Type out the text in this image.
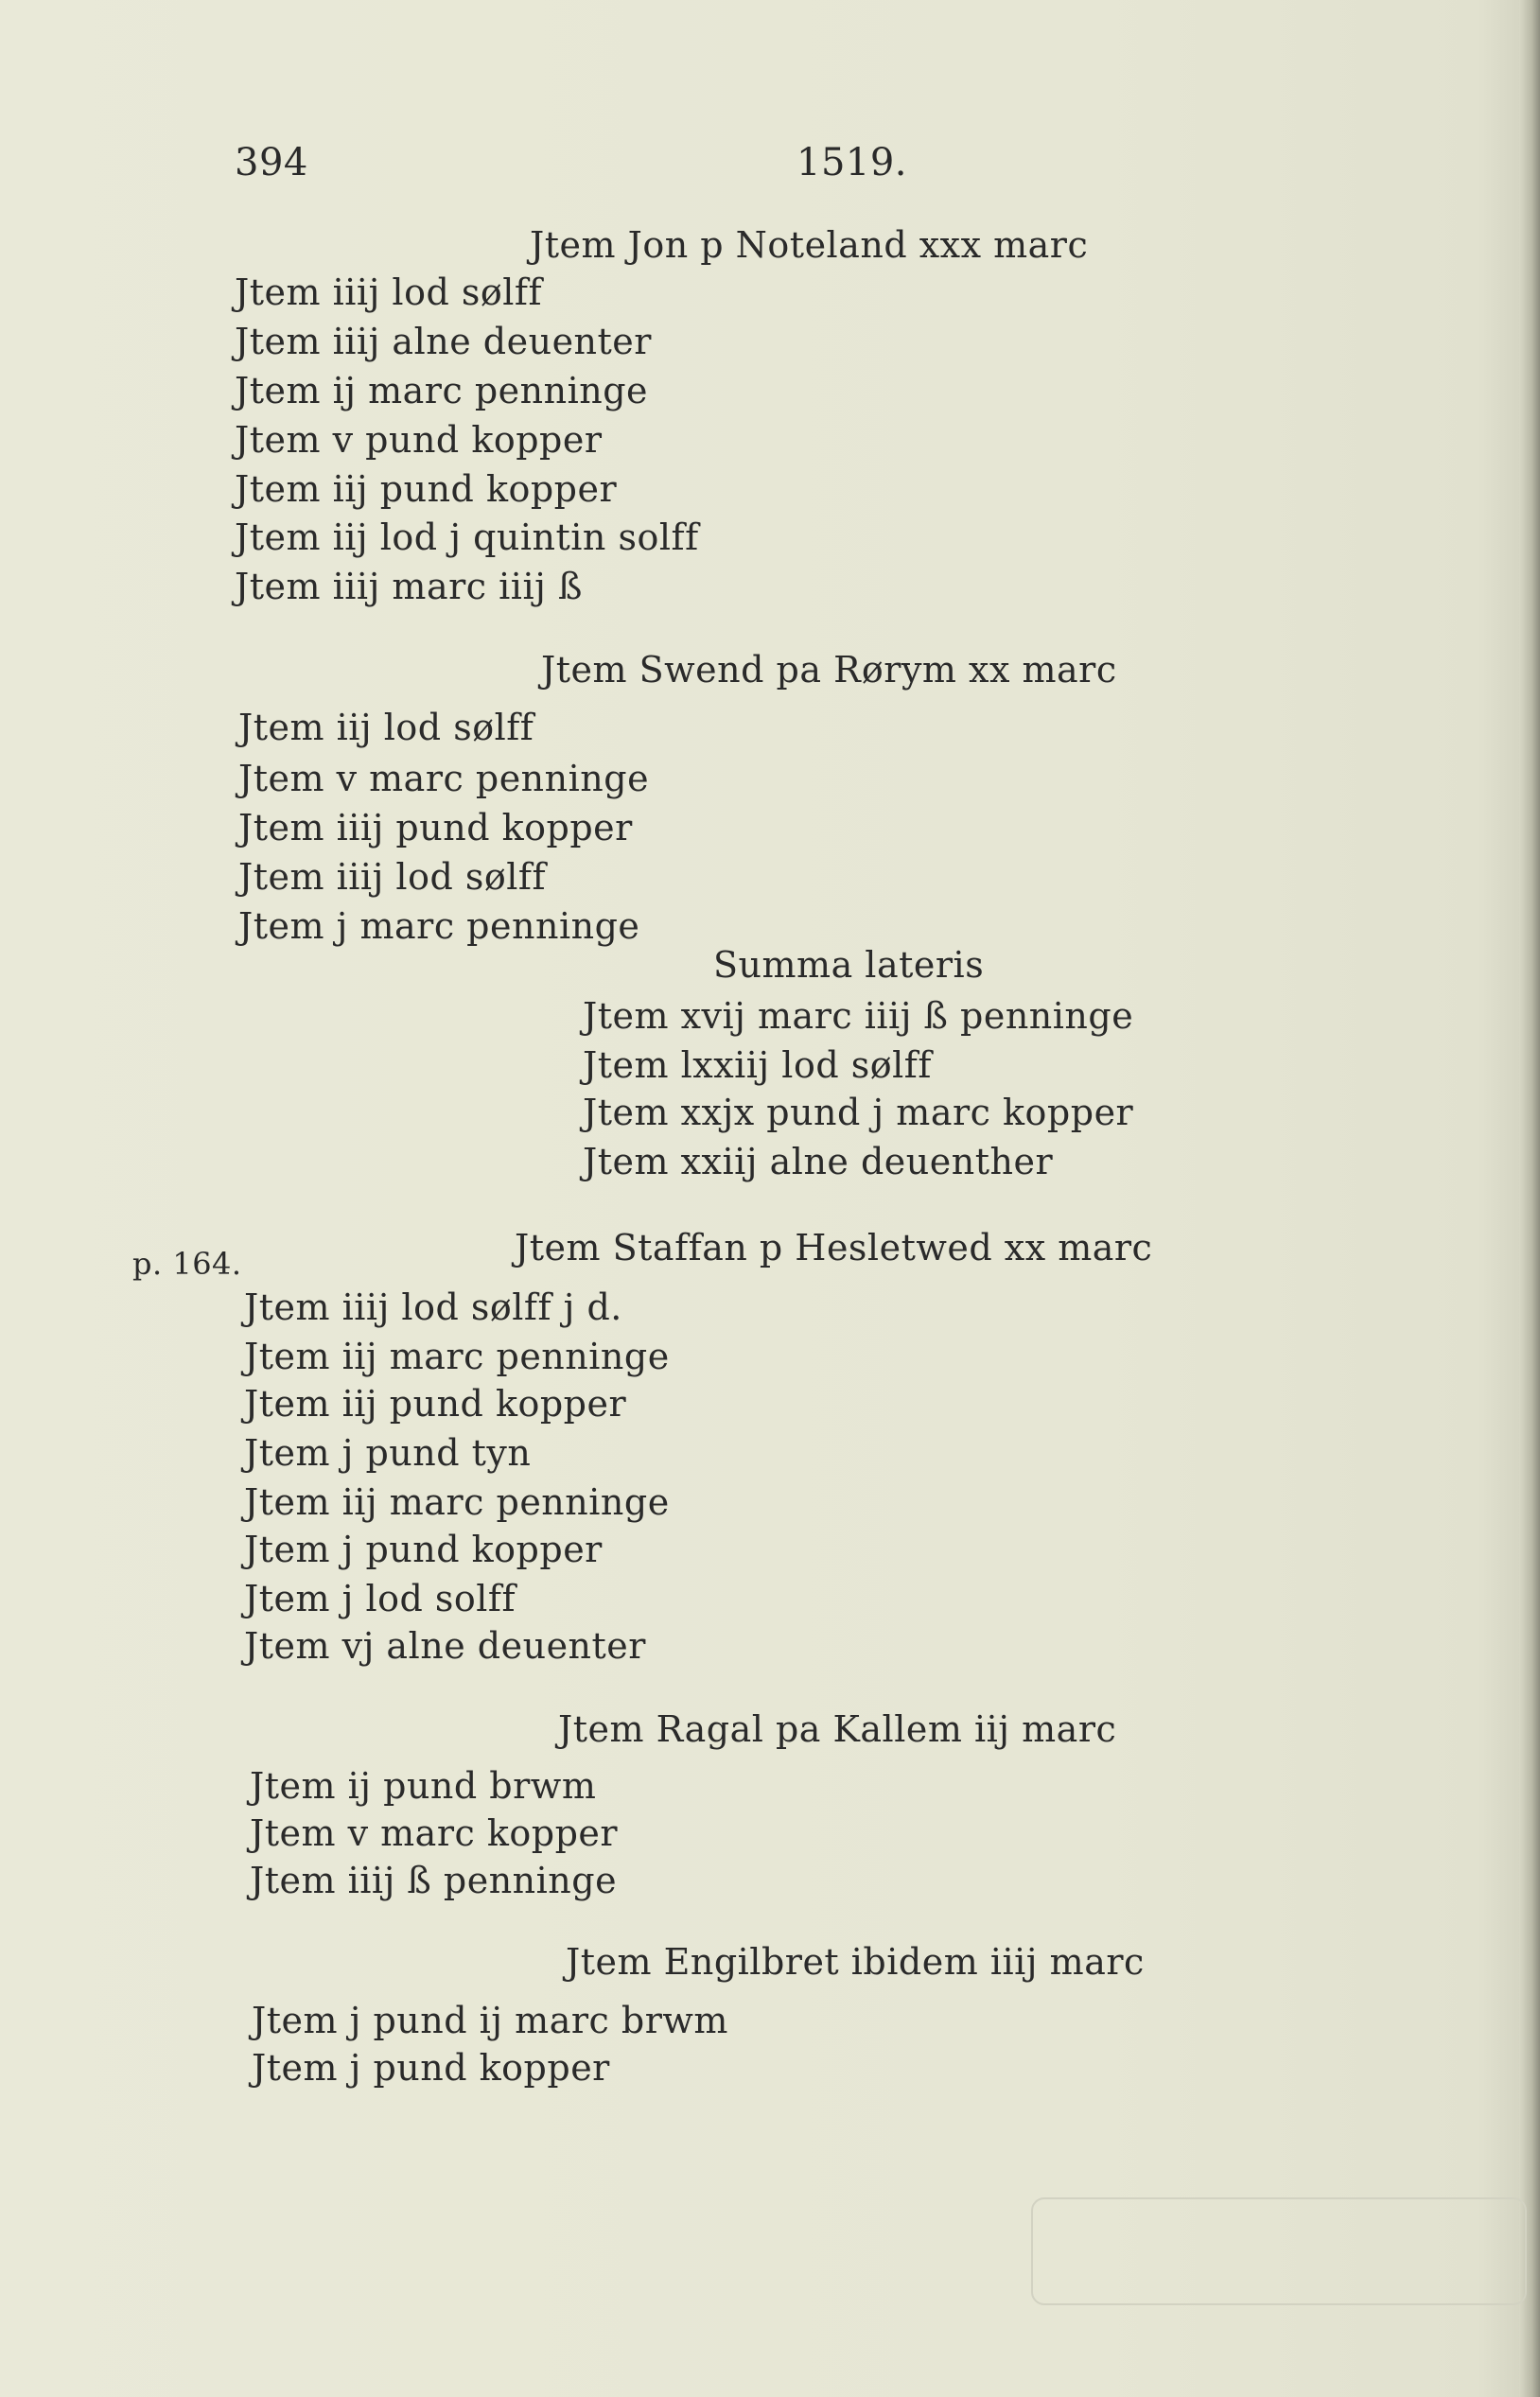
394	1519.
Jtem Jon p Noteland xxx marc
Jtem iiij lod sølff
Jtem iiij alne deuenter
Jtem ij marc penninge
Jtem v pund kopper
Jtem iij pund kopper
Jtem iij lod j quintin solff
Jtem iiij marc iiij ß
Jtem Swend pa Rørym xx marc
Jtem iij lod sølff
Jtem v marc penninge
Jtem iiij pund kopper
Jtem iiij lod sølff
Jtem j marc penninge
Summa lateris
Jtem xvij marc iiij ß penninge
Jtem lxxiij lod sølff
Jtem xxjx pund j marc kopper
Jtem xxiij alne deuenther
p. 164.	Jtem Staffan p Hesletwed xx marc
Jtem iiij lod sølff j d.
Jtem iij marc penninge
Jtem iij pund kopper
Jtem j pund tyn
Jtem iij marc penninge
Jtem j pund kopper
Jtem j lod solff
Jtem vj alne deuenter
Jtem Ragal pa Kallem iij marc
Jtem ij pund brwm
Jtem v marc kopper
Jtem iiij ß penninge
Jtem Engilbret ibidem iiij marc
Jtem j pund ij marc brwm
Jtem j pund kopper
